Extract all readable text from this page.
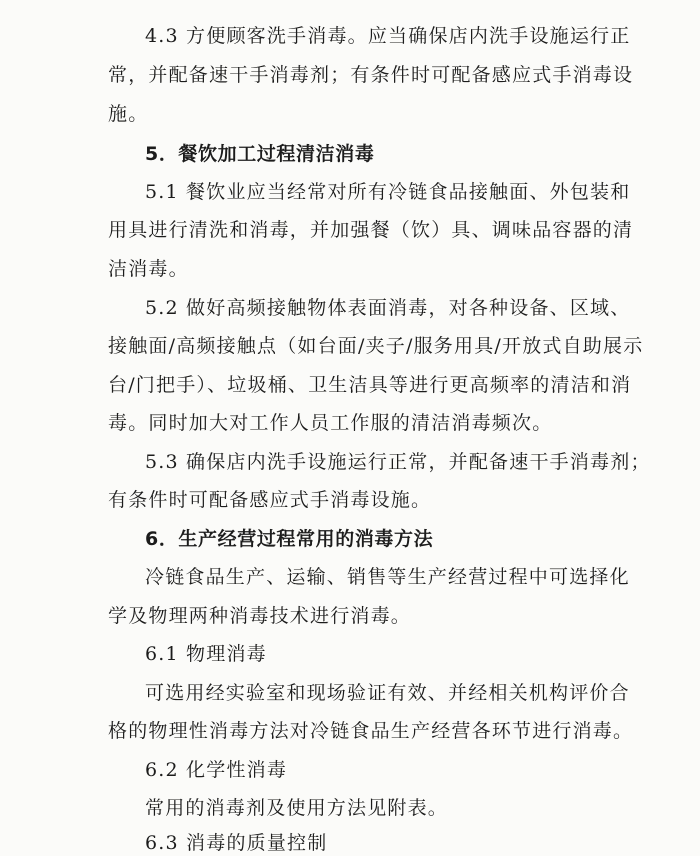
4.3 方便顾客洗手消毒。应当确保店内洗手设施运行正
常，并配备速干手消毒剂；有条件时可配备感应式手消毒设
施。
5．餐饮加工过程清洁消毒
5.1 餐饮业应当经常对所有冷链食品接触面、外包装和
用具进行清洗和消毒，并加强餐（饮）具、调味品容器的清
洁消毒。
5.2 做好高频接触物体表面消毒，对各种设备、区域、
接触面/高频接触点（如台面/夹子/服务用具/开放式自助展示
台/门把手）、垃圾桶、卫生洁具等进行更高频率的清洁和消
毒。同时加大对工作人员工作服的清洁消毒频次。
5.3 确保店内洗手设施运行正常，并配备速干手消毒剂；
有条件时可配备感应式手消毒设施。
6．生产经营过程常用的消毒方法
冷链食品生产、运输、销售等生产经营过程中可选择化
学及物理两种消毒技术进行消毒。
6.1 物理消毒
可选用经实验室和现场验证有效、并经相关机构评价合
格的物理性消毒方法对冷链食品生产经营各环节进行消毒。
6.2 化学性消毒
常用的消毒剂及使用方法见附表。
6.3 消毒的质量控制
